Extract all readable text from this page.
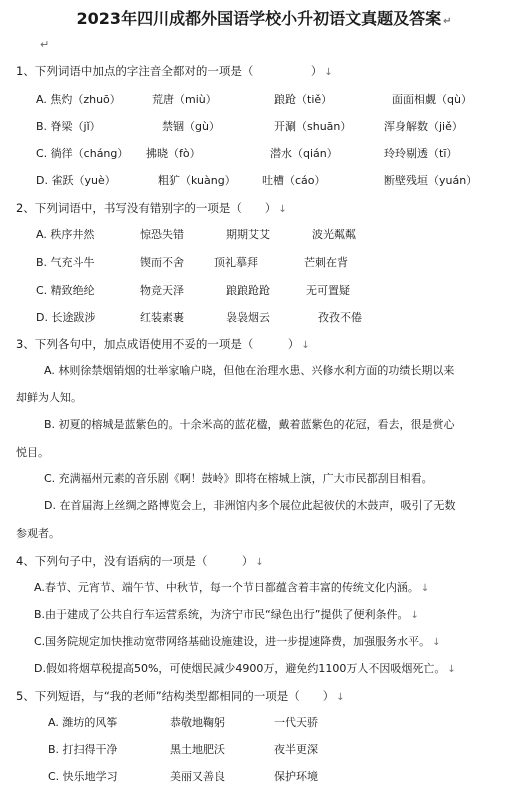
2023年四川成都外国语学校小升初语文真题及答案 ↵
↵
1、下列词语中加点的字注音全都对的一项是（　　　　　） ↓
A. 焦灼（zhuō）	荒唐（miù）	踉跄（tiě）	面面相觑（qù）
B. 脊梁（jǐ）	禁锢（gù）	开涮（shuān）	浑身解数（jiě）
C. 徜徉（cháng） 拂晓（fò）	潜水（qián）	玲玲剔透（tī）
D. 雀跃（yuè）	粗犷（kuàng） 吐槽（cáo）	断壁残垣（yuán）
2、下列词语中，书写没有错别字的一项是（　　） ↓
A. 秩序井然	惊恐失错	期期艾艾	波光粼粼
B. 气充斗牛	锲而不舍	顶礼摹拜	芒刺在背
C. 精致绝纶	物竞天泽	踉踉跄跄	无可置疑
D. 长途跋涉	红装素裹	袅袅烟云	孜孜不倦
3、下列各句中，加点成语使用不妥的一项是（　　　） ↓
A. 林则徐禁烟销烟的壮举家喻户晓，但他在治理水患、兴修水利方面的功绩长期以来
却鲜为人知。
B. 初夏的榕城是蓝紫色的。十余米高的蓝花楹，戴着蓝紫色的花冠，看去，很是赏心
悦目。
C. 充满福州元素的音乐剧《啊！鼓岭》即将在榕城上演，广大市民都刮目相看。
D. 在首届海上丝绸之路博览会上，非洲馆内多个展位此起彼伏的木鼓声，吸引了无数
参观者。
4、下列句子中，没有语病的一项是（　　　） ↓
A.春节、元宵节、端午节、中秋节，每一个节日都蕴含着丰富的传统文化内涵。 ↓
B.由于建成了公共自行车运营系统，为济宁市民“绿色出行”提供了便利条件。 ↓
C.国务院规定加快推动宽带网络基础设施建设，进一步提速降费，加强服务水平。 ↓
D.假如将烟草税提高50%，可使烟民减少4900万，避免约1100万人不因吸烟死亡。 ↓
5、下列短语，与“我的老师”结构类型都相同的一项是（　　） ↓
A. 潍坊的风筝	恭敬地鞠躬	一代天骄
B. 打扫得干净	黑土地肥沃	夜半更深
C. 快乐地学习	美丽又善良	保护环境
